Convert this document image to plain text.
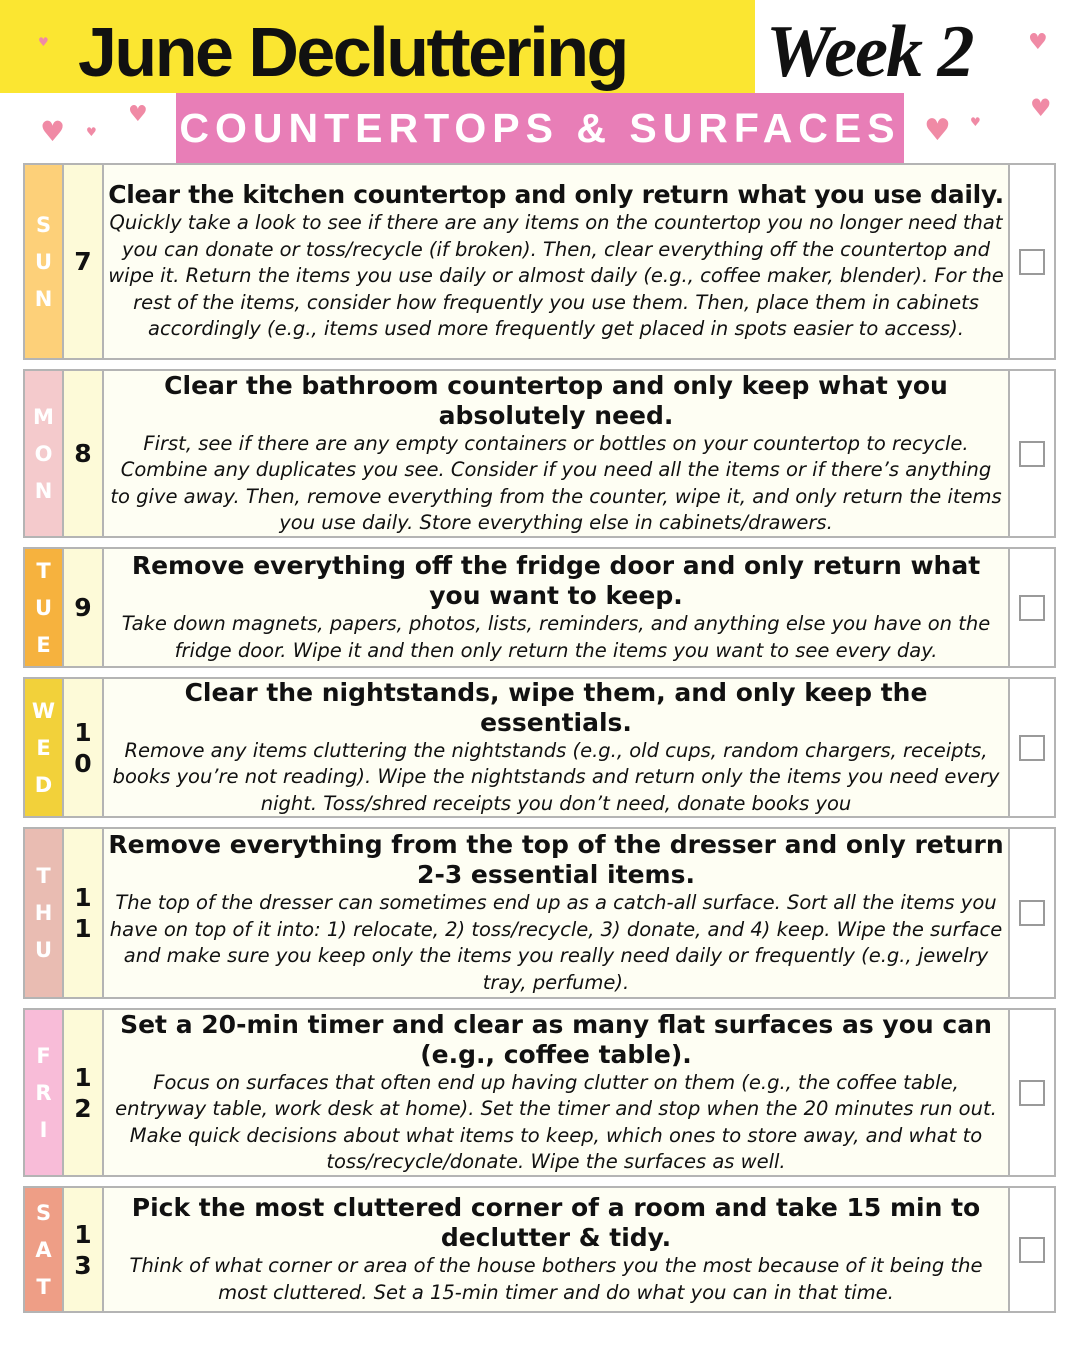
June Decluttering Week 2
COUNTERTOPS & SURFACES
♥
♥ ♥
♥
♥
♥
♥ ♥
S
U
N
7
Clear the kitchen countertop and only return what you use daily.
Quickly take a look to see if there are any items on the countertop you no longer need that you can donate or toss/recycle (if broken). Then, clear everything off the countertop and wipe it. Return the items you use daily or almost daily (e.g., coffee maker, blender). For the rest of the items, consider how frequently you use them. Then, place them in cabinets accordingly (e.g., items used more frequently get placed in spots easier to access).
M
O
N
8
Clear the bathroom countertop and only keep what you absolutely need.
First, see if there are any empty containers or bottles on your countertop to recycle. Combine any duplicates you see. Consider if you need all the items or if there’s anything to give away. Then, remove everything from the counter, wipe it, and only return the items you use daily. Store everything else in cabinets/drawers.
T
U
E
9
Remove everything off the fridge door and only return what you want to keep.
Take down magnets, papers, photos, lists, reminders, and anything else you have on the fridge door. Wipe it and then only return the items you want to see every day.
W
E
D
1
0
Clear the nightstands, wipe them, and only keep the essentials.
Remove any items cluttering the nightstands (e.g., old cups, random chargers, receipts, books you’re not reading). Wipe the nightstands and return only the items you need every night. Toss/shred receipts you don’t need, donate books you
T
H
U
1
1
Remove everything from the top of the dresser and only return 2-3 essential items.
The top of the dresser can sometimes end up as a catch-all surface. Sort all the items you have on top of it into: 1) relocate, 2) toss/recycle, 3) donate, and 4) keep. Wipe the surface and make sure you keep only the items you really need daily or frequently (e.g., jewelry tray, perfume).
F
R
I
1
2
Set a 20-min timer and clear as many flat surfaces as you can (e.g., coffee table).
Focus on surfaces that often end up having clutter on them (e.g., the coffee table, entryway table, work desk at home). Set the timer and stop when the 20 minutes run out. Make quick decisions about what items to keep, which ones to store away, and what to toss/recycle/donate. Wipe the surfaces as well.
S
A
T
1
3
Pick the most cluttered corner of a room and take 15 min to declutter & tidy.
Think of what corner or area of the house bothers you the most because of it being the most cluttered. Set a 15-min timer and do what you can in that time.
